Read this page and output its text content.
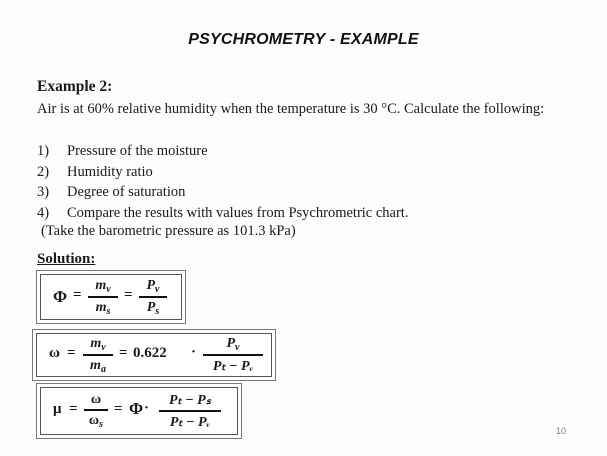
PSYCHROMETRY - EXAMPLE
Example 2:
Air is at 60% relative humidity when the temperature is 30 °C. Calculate the following:
1)	Pressure of the moisture
2)	Humidity ratio
3)	Degree of saturation
4)	Compare the results with values from Psychrometric chart.
(Take the barometric pressure as 101.3 kPa)
Solution:
Φ =
$m_v$
$m_s$
=
$P_v$
$P_s$
ω =
$m_v$
$m_a$
= 0.622 ·
$P_v$
Pₜ − Pᵥ
μ =
ω
$\omega_s$
= Φ ·	Pₜ − Pₛ
Pₜ − Pᵥ
10
